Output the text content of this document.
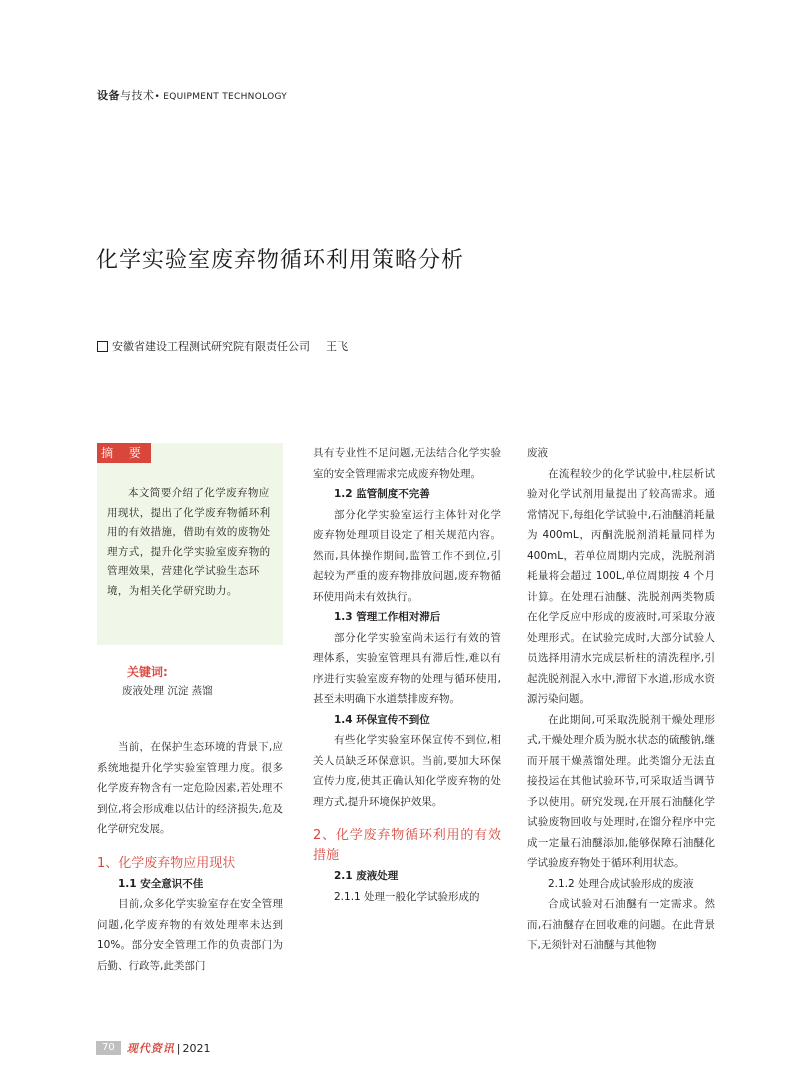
设备与技术• EQUIPMENT TECHNOLOGY
化学实验室废弃物循环利用策略分析
安徽省建设工程测试研究院有限责任公司 王飞
摘 要

本文简要介绍了化学废弃物应用现状，提出了化学废弃物循环利用的有效措施，借助有效的废物处理方式，提升化学实验室废弃物的管理效果，营建化学试验生态环境，为相关化学研究助力。

关键词:
废液处理 沉淀 蒸馏

当前，在保护生态环境的背景下,应系统地提升化学实验室管理力度。很多化学废弃物含有一定危险因素,若处理不到位,将会形成难以估计的经济损失,危及化学研究发展。

1、化学废弃物应用现状
1.1 安全意识不佳

目前,众多化学实验室存在安全管理问题,化学废弃物的有效处理率未达到 10%。部分安全管理工作的负责部门为后勤、行政等,此类部门

具有专业性不足问题,无法结合化学实验室的安全管理需求完成废弃物处理。

1.2 监管制度不完善

部分化学实验室运行主体针对化学废弃物处理项目设定了相关规范内容。然而,具体操作期间,监管工作不到位,引起较为严重的废弃物排放问题,废弃物循环使用尚未有效执行。

1.3 管理工作相对滞后

部分化学实验室尚未运行有效的管理体系，实验室管理具有滞后性,难以有序进行实验室废弃物的处理与循环使用,甚至未明确下水道禁排废弃物。

1.4 环保宣传不到位

有些化学实验室环保宣传不到位,相关人员缺乏环保意识。当前,要加大环保宣传力度,使其正确认知化学废弃物的处理方式,提升环境保护效果。

2、化学废弃物循环利用的有效措施
2.1 废液处理

2.1.1 处理一般化学试验形成的

废液

在流程较少的化学试验中,柱层析试验对化学试剂用量提出了较高需求。通常情况下,每组化学试验中,石油醚消耗量为 400mL，丙酮洗脱剂消耗量同样为 400mL，若单位周期内完成，洗脱剂消耗量将会超过 100L,单位周期按 4 个月计算。在处理石油醚、洗脱剂两类物质在化学反应中形成的废液时,可采取分液处理形式。在试验完成时,大部分试验人员选择用清水完成层析柱的清洗程序,引起洗脱剂混入水中,滞留下水道,形成水资源污染问题。

在此期间,可采取洗脱剂干燥处理形式,干燥处理介质为脱水状态的硫酸钠,继而开展干燥蒸馏处理。此类馏分无法直接投运在其他试验环节,可采取适当调节予以使用。研究发现,在开展石油醚化学试验废物回收与处理时,在馏分程序中完成一定量石油醚添加,能够保障石油醚化学试验废弃物处于循环利用状态。

2.1.2 处理合成试验形成的废液

合成试验对石油醚有一定需求。然而,石油醚存在回收难的问题。在此背景下,无须针对石油醚与其他物

70	现代资讯 | 2021
